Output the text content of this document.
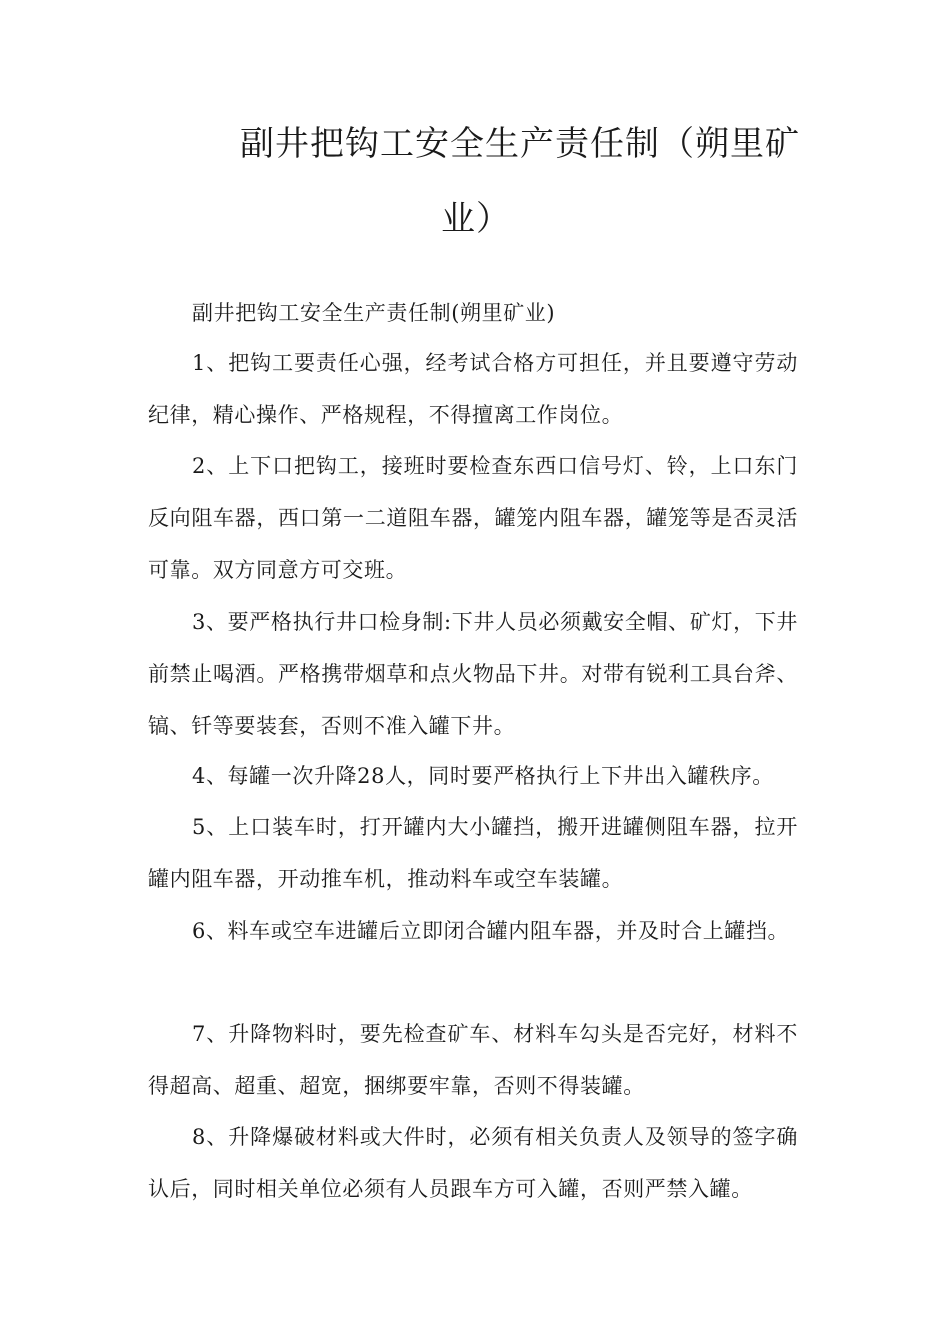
副井把钩工安全生产责任制（朔里矿
业）

副井把钩工安全生产责任制(朔里矿业)

1、把钩工要责任心强，经考试合格方可担任，并且要遵守劳动纪律，精心操作、严格规程，不得擅离工作岗位。

2、上下口把钩工，接班时要检查东西口信号灯、铃，上口东门反向阻车器，西口第一二道阻车器，罐笼内阻车器，罐笼等是否灵活可靠。双方同意方可交班。

3、要严格执行井口检身制:下井人员必须戴安全帽、矿灯，下井前禁止喝酒。严格携带烟草和点火物品下井。对带有锐利工具台斧、镐、钎等要装套，否则不准入罐下井。

4、每罐一次升降28人，同时要严格执行上下井出入罐秩序。

5、上口装车时，打开罐内大小罐挡，搬开进罐侧阻车器，拉开罐内阻车器，开动推车机，推动料车或空车装罐。

6、料车或空车进罐后立即闭合罐内阻车器，并及时合上罐挡。

7、升降物料时，要先检查矿车、材料车勾头是否完好，材料不得超高、超重、超宽，捆绑要牢靠，否则不得装罐。

8、升降爆破材料或大件时，必须有相关负责人及领导的签字确认后，同时相关单位必须有人员跟车方可入罐，否则严禁入罐。
